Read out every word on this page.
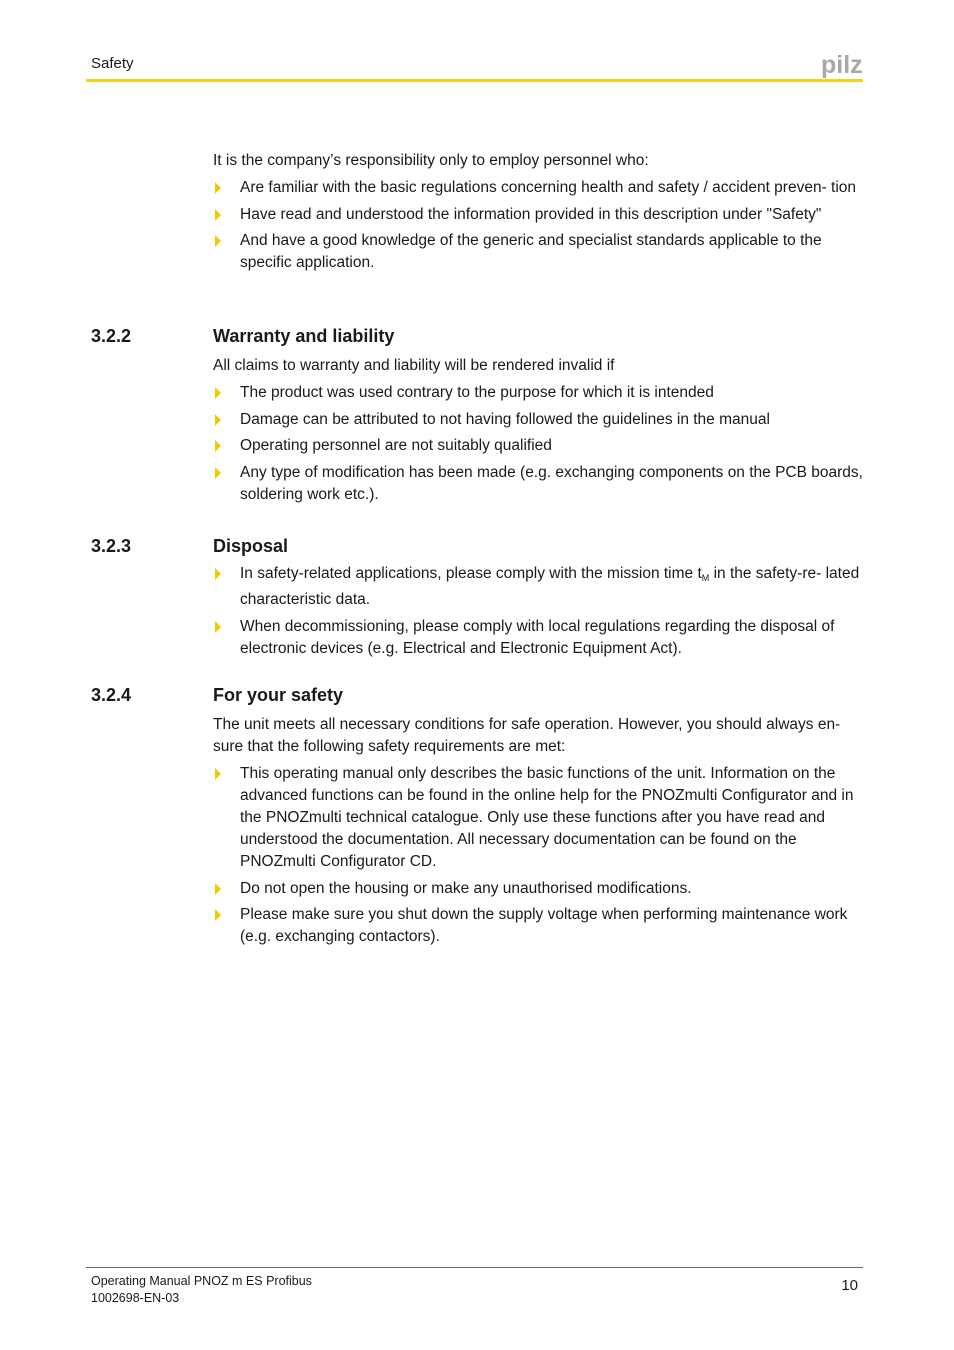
Safety	pilz
It is the company’s responsibility only to employ personnel who:
Are familiar with the basic regulations concerning health and safety / accident preven- tion
Have read and understood the information provided in this description under "Safety"
And have a good knowledge of the generic and specialist standards applicable to the specific application.
3.2.2	Warranty and liability
All claims to warranty and liability will be rendered invalid if
The product was used contrary to the purpose for which it is intended
Damage can be attributed to not having followed the guidelines in the manual
Operating personnel are not suitably qualified
Any type of modification has been made (e.g. exchanging components on the PCB boards, soldering work etc.).
3.2.3	Disposal
In safety-related applications, please comply with the mission time $t_M$ in the safety-re- lated characteristic data.
When decommissioning, please comply with local regulations regarding the disposal of electronic devices (e.g. Electrical and Electronic Equipment Act).
3.2.4	For your safety
The unit meets all necessary conditions for safe operation. However, you should always en- sure that the following safety requirements are met:
This operating manual only describes the basic functions of the unit. Information on the advanced functions can be found in the online help for the PNOZmulti Configurator and in the PNOZmulti technical catalogue. Only use these functions after you have read and understood the documentation. All necessary documentation can be found on the PNOZmulti Configurator CD.
Do not open the housing or make any unauthorised modifications.
Please make sure you shut down the supply voltage when performing maintenance work (e.g. exchanging contactors).
Operating Manual PNOZ m ES Profibus
1002698-EN-03
10
